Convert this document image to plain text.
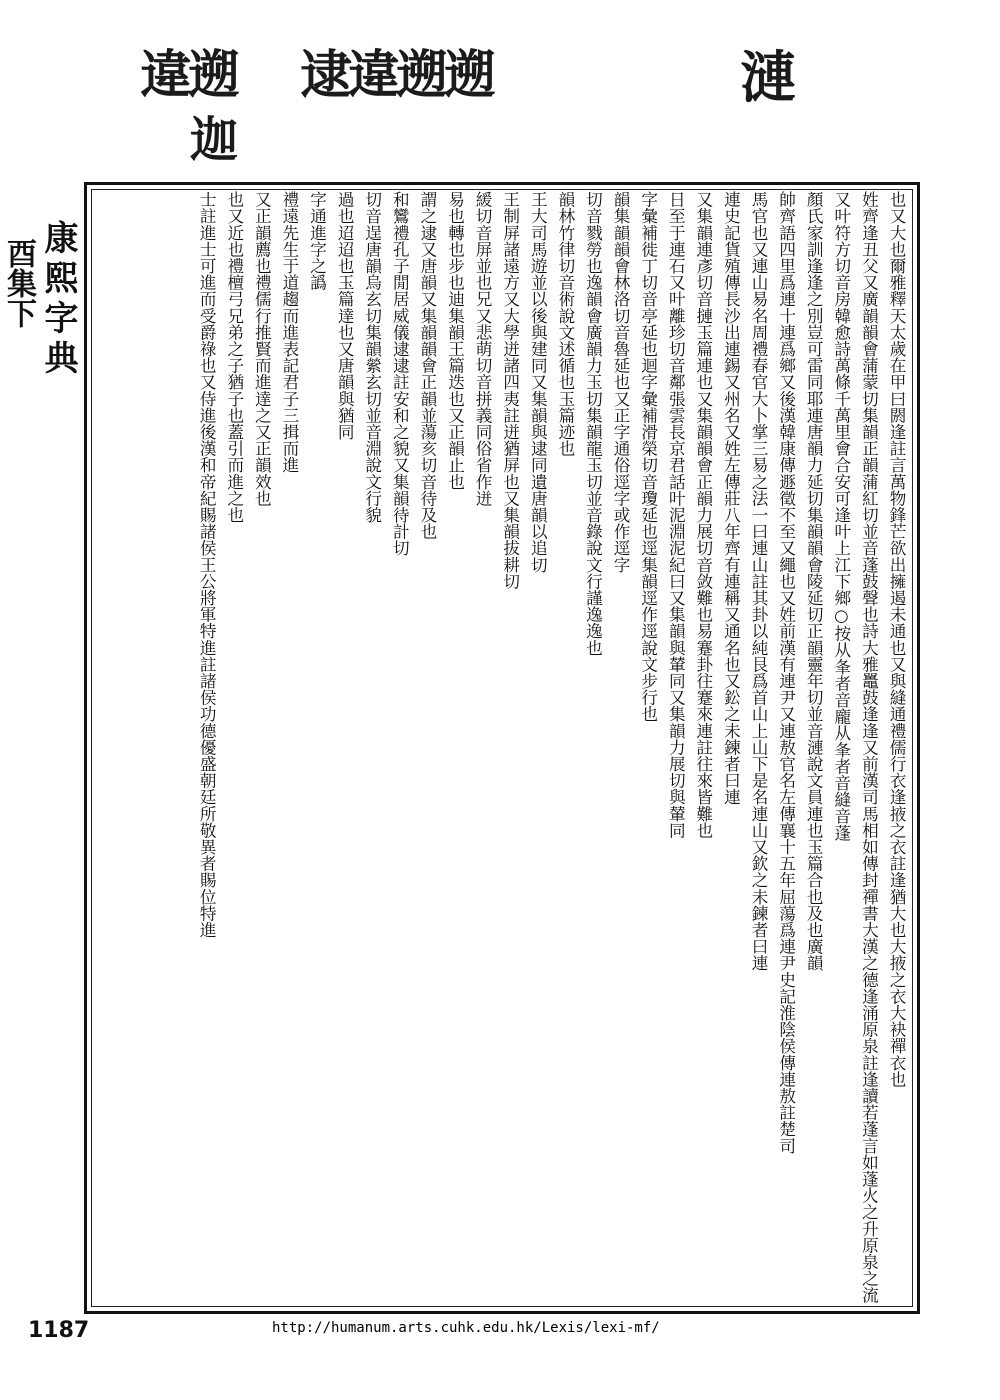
違遡
迦
逮違遡遡	漣
康熙字典
酉集下	也又大也爾雅釋天太歲在甲曰閼逢註言萬物鋒芒欲出擁遏未通也又與縫通禮儒行衣逢掖之衣註逢猶大也大掖之衣大袂禪衣也
姓齊逢丑父又廣韻韻會蒲蒙切集韻正韻蒲紅切並音蓬鼓聲也詩大雅鼉鼓逢逢又前漢司馬相如傳封禪書大漢之德逢涌原泉註逢讀若蓬言如蓬火之升原泉之流
又叶符方切音房韓愈詩萬條千萬里會合安可逢叶上江下鄉○按从夆者音龐从夆者音縫音蓬
顏氏家訓逢逢之別豈可雷同耶連唐韻力延切集韻韻會陵延切正韻靈年切並音漣說文員連也玉篇合也及也廣韻
帥齊語四里爲連十連爲鄉又後漢韓康傳遯徵不至又繩也又姓前漢有連尹又連敖官名左傳襄十五年屈蕩爲連尹史記淮陰侯傳連敖註楚司
馬官也又連山易名周禮春官大卜掌三易之法一曰連山註其卦以純艮爲首山上山下是名連山又欽之未鍊者曰連
連史記貨殖傳長沙出連錫又州名又姓左傳莊八年齊有連稱又通名也又鈆之未鍊者曰連
又集韻連彥切音摙玉篇連也又集韻韻會正韻力展切音敛難也易蹇卦往蹇來連註往來皆難也
日至于連石又叶離珍切音鄰張雲長京君話叶泥淵泥紀曰又集韻與輦同又集韻力展切與輦同
字彙補徙丁切音亭延也迴字彙補滑榮切音瓊延也逕集韻逕作逕說文步行也
韻集韻韻會林洛切音魯延也又正字通俗逕字或作逕字
切音戮勞也逸韻會廣韻力玉切集韻龍玉切並音錄說文行謹逸逸也
韻林竹律切音術說文述循也玉篇迹也
王大司馬遊並以後與建同又集韻與逮同遺唐韻以追切
王制屏諸遠方又大學迸諸四夷註迸猶屏也又集韻拔耕切
緩切音屏並也兄又悲萌切音拼義同俗省作迸
易也轉也步也迪集韻王篇迭也又正韻止也
謂之逮又唐韻又集韻韻會正韻並蕩亥切音待及也
和鸞禮孔子閒居威儀逮逮註安和之貌又集韻待計切
切音逞唐韻烏玄切集韻縈玄切並音淵說文行貌
過也迢迢也玉篇達也又唐韻與猶同
字通進字之譌
禮遠先生于道趨而進表記君子三揖而進
又正韻薦也禮儒行推賢而進達之又正韻效也
也又近也禮檀弓兄弟之子猶子也蓋引而進之也
士註進士可進而受爵祿也又侍進後漢和帝紀賜諸侯王公將軍特進註諸侯功德優盛朝廷所敬異者賜位特進
1187	http://humanum.arts.cuhk.edu.hk/Lexis/lexi-mf/
